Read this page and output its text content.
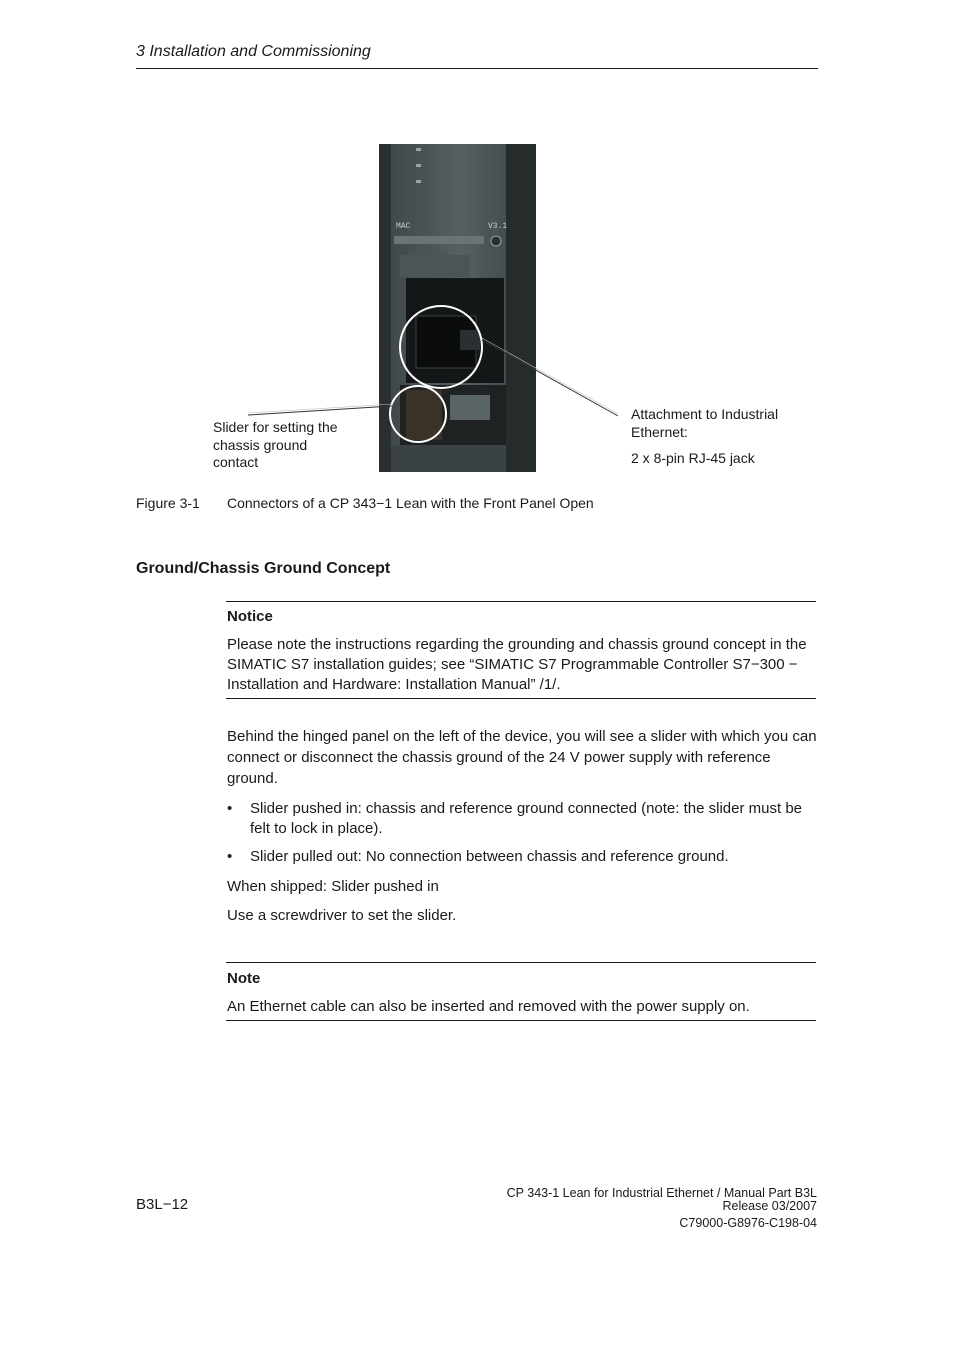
3 Installation and Commissioning
MAC	V3.1
Slider for setting the chassis ground contact

Attachment to Industrial Ethernet:

2 x 8-pin RJ-45 jack

Figure 3-1 Connectors of a CP 343−1 Lean with the Front Panel Open
Ground/Chassis Ground Concept
Notice
Please note the instructions regarding the grounding and chassis ground concept in the SIMATIC S7 installation guides; see “SIMATIC S7 Programmable Controller S7−300 − Installation and Hardware: Installation Manual” /1/.
Behind the hinged panel on the left of the device, you will see a slider with which you can connect or disconnect the chassis ground of the 24 V power supply with reference ground.
• Slider pushed in: chassis and reference ground connected (note: the slider must be felt to lock in place).
• Slider pulled out: No connection between chassis and reference ground.
When shipped: Slider pushed in
Use a screwdriver to set the slider.
Note
An Ethernet cable can also be inserted and removed with the power supply on.
B3L−12
CP 343-1 Lean for Industrial Ethernet / Manual Part B3L
Release 03/2007
C79000-G8976-C198-04
